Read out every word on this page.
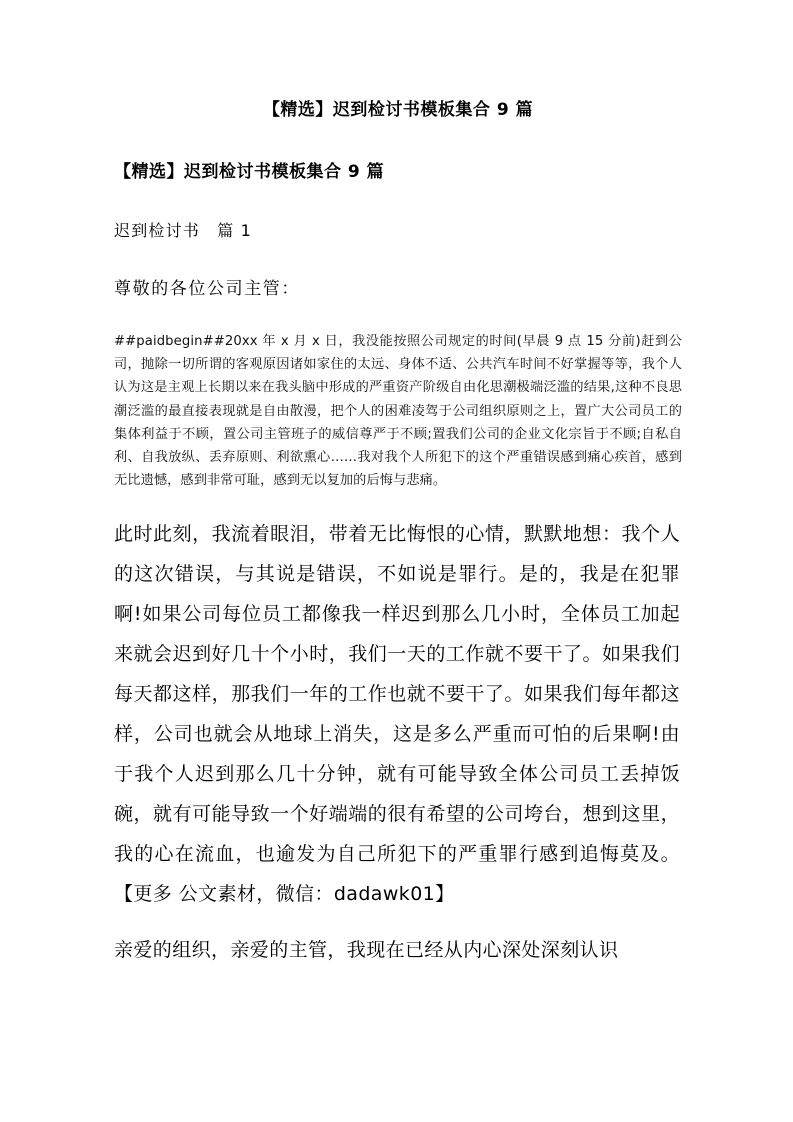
【精选】迟到检讨书模板集合 9 篇
【精选】迟到检讨书模板集合 9 篇
迟到检讨书　篇 1
尊敬的各位公司主管：

##paidbegin##20xx 年 x 月 x 日，我没能按照公司规定的时间(早晨 9 点 15 分前)赶到公司，抛除一切所谓的客观原因诸如家住的太远、身体不适、公共汽车时间不好掌握等等，我个人认为这是主观上长期以来在我头脑中形成的严重资产阶级自由化思潮极端泛滥的结果,这种不良思潮泛滥的最直接表现就是自由散漫，把个人的困难凌驾于公司组织原则之上，置广大公司员工的集体利益于不顾，置公司主管班子的威信尊严于不顾;置我们公司的企业文化宗旨于不顾;自私自利、自我放纵、丢弃原则、利欲熏心……我对我个人所犯下的这个严重错误感到痛心疾首，感到无比遗憾，感到非常可耻，感到无以复加的后悔与悲痛。

此时此刻，我流着眼泪，带着无比悔恨的心情，默默地想：我个人的这次错误，与其说是错误，不如说是罪行。是的，我是在犯罪啊!如果公司每位员工都像我一样迟到那么几小时，全体员工加起来就会迟到好几十个小时，我们一天的工作就不要干了。如果我们每天都这样，那我们一年的工作也就不要干了。如果我们每年都这样，公司也就会从地球上消失，这是多么严重而可怕的后果啊!由于我个人迟到那么几十分钟，就有可能导致全体公司员工丢掉饭碗，就有可能导致一个好端端的很有希望的公司垮台，想到这里，我的心在流血，也逾发为自己所犯下的严重罪行感到追悔莫及。【更多 公文素材，微信：dadawk01】

亲爱的组织，亲爱的主管，我现在已经从内心深处深刻认识
